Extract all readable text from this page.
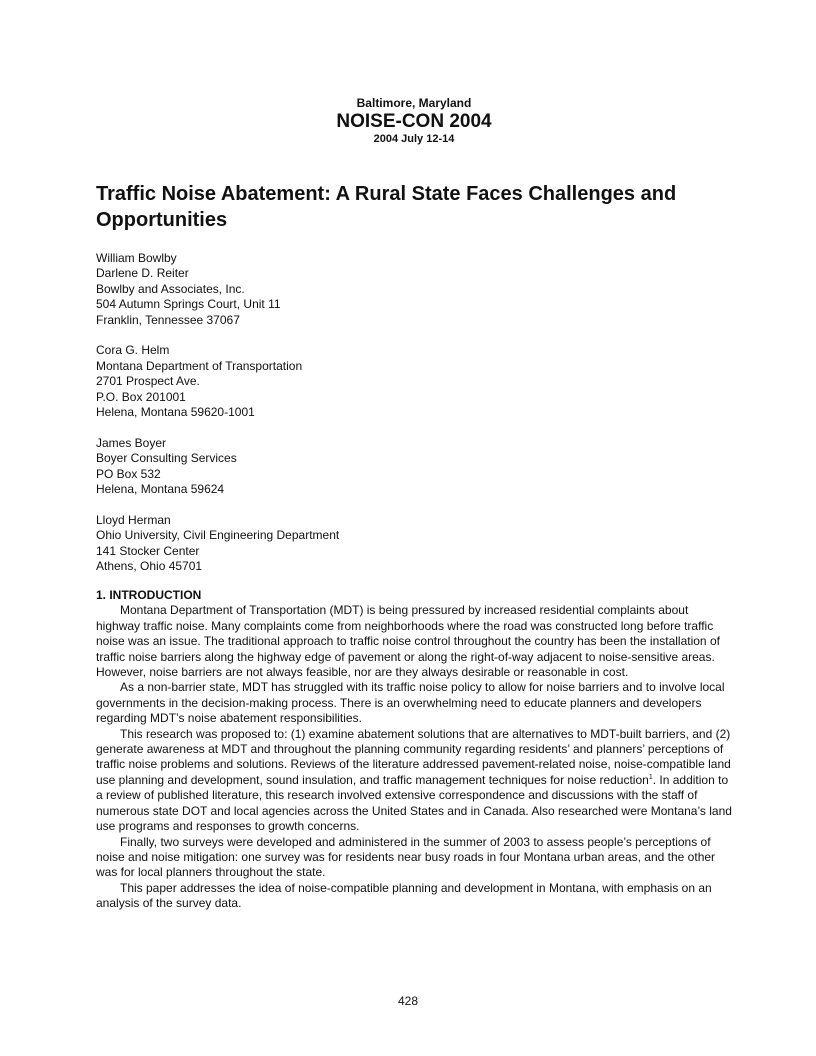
Baltimore, Maryland
NOISE-CON 2004
2004 July 12-14
Traffic Noise Abatement: A Rural State Faces Challenges and Opportunities
William Bowlby
Darlene D. Reiter
Bowlby and Associates, Inc.
504 Autumn Springs Court, Unit 11
Franklin, Tennessee 37067
Cora G. Helm
Montana Department of Transportation
2701 Prospect Ave.
P.O. Box 201001
Helena, Montana 59620-1001
James Boyer
Boyer Consulting Services
PO Box 532
Helena, Montana 59624
Lloyd Herman
Ohio University, Civil Engineering Department
141 Stocker Center
Athens, Ohio 45701
1. INTRODUCTION

Montana Department of Transportation (MDT) is being pressured by increased residential complaints about highway traffic noise. Many complaints come from neighborhoods where the road was constructed long before traffic noise was an issue. The traditional approach to traffic noise control throughout the country has been the installation of traffic noise barriers along the highway edge of pavement or along the right-of-way adjacent to noise-sensitive areas. However, noise barriers are not always feasible, nor are they always desirable or reasonable in cost.

As a non-barrier state, MDT has struggled with its traffic noise policy to allow for noise barriers and to involve local governments in the decision-making process. There is an overwhelming need to educate planners and developers regarding MDT’s noise abatement responsibilities.

This research was proposed to: (1) examine abatement solutions that are alternatives to MDT-built barriers, and (2) generate awareness at MDT and throughout the planning community regarding residents’ and planners’ perceptions of traffic noise problems and solutions. Reviews of the literature addressed pavement-related noise, noise-compatible land use planning and development, sound insulation, and traffic management techniques for noise reduction$^1$. In addition to a review of published literature, this research involved extensive correspondence and discussions with the staff of numerous state DOT and local agencies across the United States and in Canada. Also researched were Montana’s land use programs and responses to growth concerns.

Finally, two surveys were developed and administered in the summer of 2003 to assess people’s perceptions of noise and noise mitigation: one survey was for residents near busy roads in four Montana urban areas, and the other was for local planners throughout the state.

This paper addresses the idea of noise-compatible planning and development in Montana, with emphasis on an analysis of the survey data.

428
